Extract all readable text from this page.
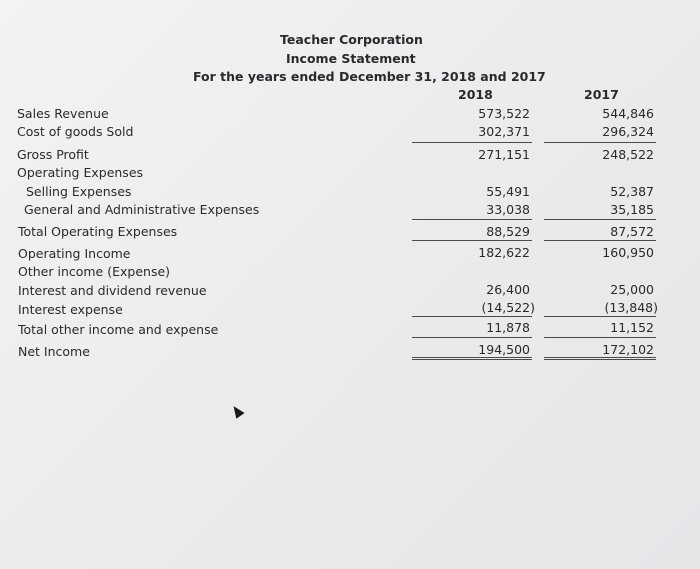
Teacher Corporation
Income Statement
For the years ended December 31, 2018 and 2017
2018	2017
Sales Revenue	573,522	544,846
Cost of goods Sold	302,371	296,324
Gross Profit	271,151	248,522
Operating Expenses
Selling Expenses	55,491	52,387
General and Administrative Expenses	33,038	35,185
Total Operating Expenses	88,529	87,572
Operating Income	182,622	160,950
Other income (Expense)
Interest and dividend revenue	26,400	25,000
Interest expense	(14,522)	(13,848)
Total other income and expense	11,878	11,152
Net Income	194,500	172,102
